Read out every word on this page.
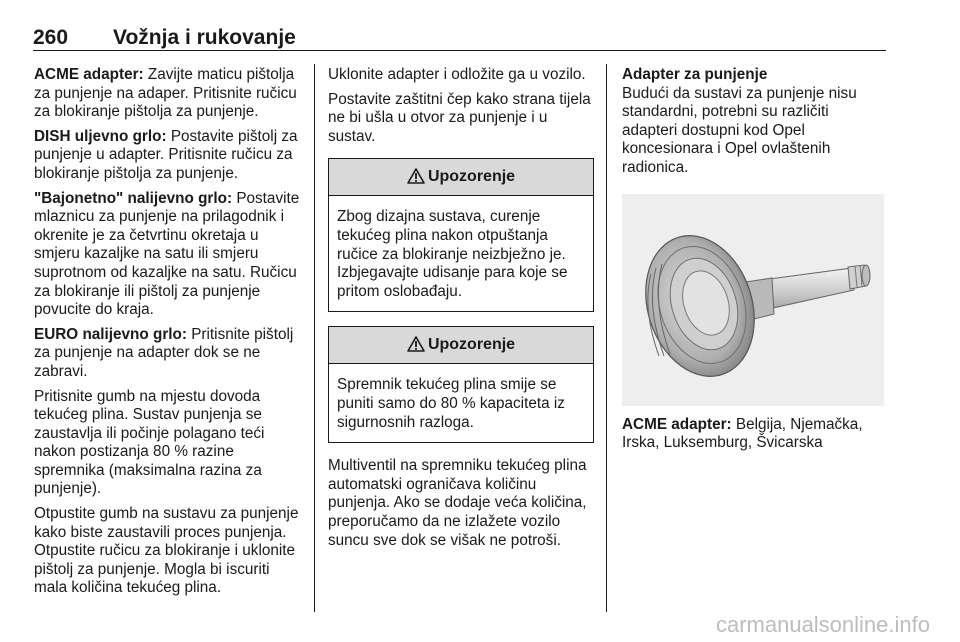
260 Vožnja i rukovanje

ACME adapter: Zavijte maticu pištolja za punjenje na adaper. Pritisnite ručicu za blokiranje pištolja za punjenje.

DISH uljevno grlo: Postavite pištolj za punjenje u adapter. Pritisnite ručicu za blokiranje pištolja za punjenje.

"Bajonetno" nalijevno grlo: Postavite mlaznicu za punjenje na prilagodnik i okrenite je za četvrtinu okretaja u smjeru kazaljke na satu ili smjeru suprotnom od kazaljke na satu. Ručicu za blokiranje ili pištolj za punjenje povucite do kraja.

EURO nalijevno grlo: Pritisnite pištolj za punjenje na adapter dok se ne zabravi.

Pritisnite gumb na mjestu dovoda tekućeg plina. Sustav punjenja se zaustavlja ili počinje polagano teći nakon postizanja 80 % razine spremnika (maksimalna razina za punjenje).

Otpustite gumb na sustavu za punjenje kako biste zaustavili proces punjenja. Otpustite ručicu za blokiranje i uklonite pištolj za punjenje. Mogla bi iscuriti mala količina tekućeg plina.

Uklonite adapter i odložite ga u vozilo.

Postavite zaštitni čep kako strana tijela ne bi ušla u otvor za punjenje i u sustav.

Upozorenje
Zbog dizajna sustava, curenje tekućeg plina nakon otpuštanja ručice za blokiranje neizbježno je. Izbjegavajte udisanje para koje se pritom oslobađaju.
Upozorenje
Spremnik tekućeg plina smije se puniti samo do 80 % kapaciteta iz sigurnosnih razloga.

Multiventil na spremniku tekućeg plina automatski ograničava količinu punjenja. Ako se dodaje veća količina, preporučamo da ne izlažete vozilo suncu sve dok se višak ne potroši.

Adapter za punjenje

Budući da sustavi za punjenje nisu standardni, potrebni su različiti adapteri dostupni kod Opel koncesionara i Opel ovlaštenih radionica.

ACME adapter: Belgija, Njemačka, Irska, Luksemburg, Švicarska

carmanualsonline.info
